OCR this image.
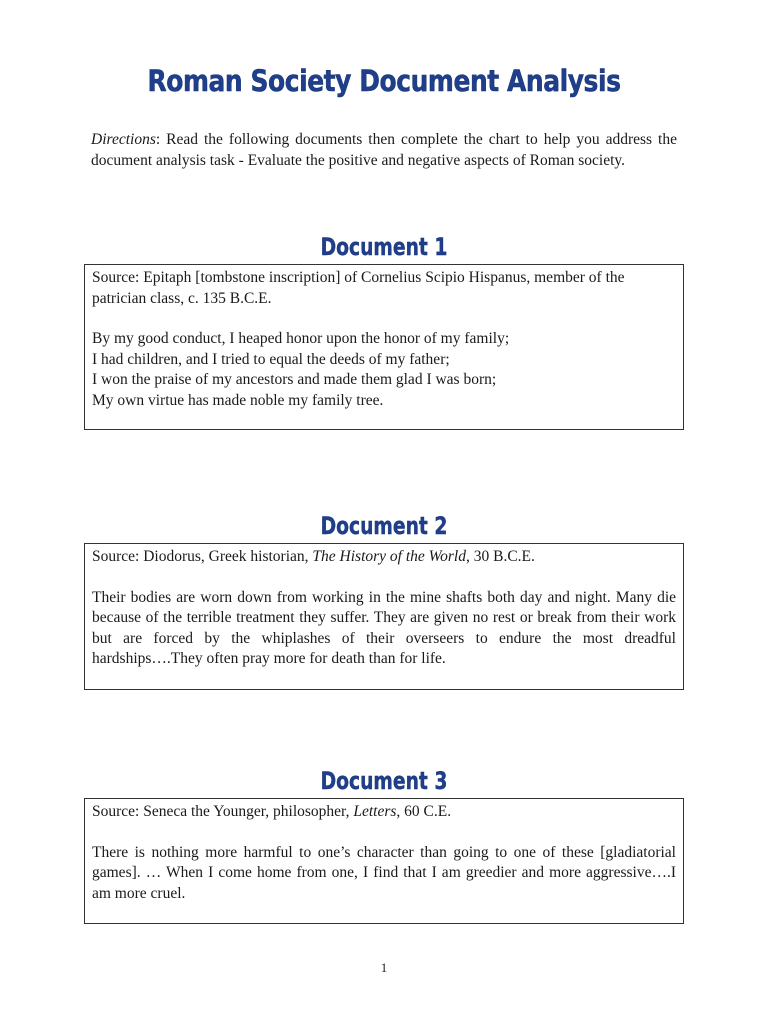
Roman Society Document Analysis
Directions: Read the following documents then complete the chart to help you address the document analysis task - Evaluate the positive and negative aspects of Roman society.
Document 1

Source: Epitaph [tombstone inscription] of Cornelius Scipio Hispanus, member of the patrician class, c. 135 B.C.E.

By my good conduct, I heaped honor upon the honor of my family;

I had children, and I tried to equal the deeds of my father;

I won the praise of my ancestors and made them glad I was born;

My own virtue has made noble my family tree.

Document 2

Source: Diodorus, Greek historian, The History of the World, 30 B.C.E.

Their bodies are worn down from working in the mine shafts both day and night. Many die because of the terrible treatment they suffer. They are given no rest or break from their work but are forced by the whiplashes of their overseers to endure the most dreadful hardships….They often pray more for death than for life.

Document 3

Source: Seneca the Younger, philosopher, Letters, 60 C.E.

There is nothing more harmful to one’s character than going to one of these [gladiatorial games]. … When I come home from one, I find that I am greedier and more aggressive….I am more cruel.

1
